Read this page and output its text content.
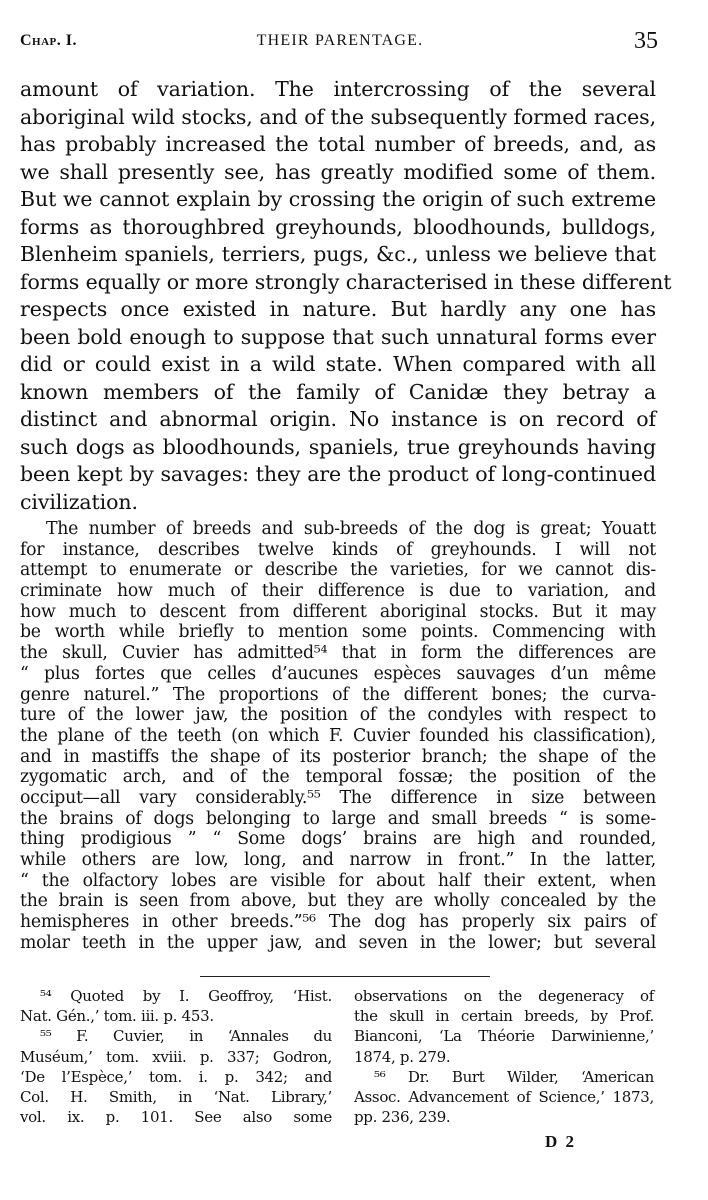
Chap. I.	THEIR PARENTAGE.	35
amount of variation. The intercrossing of the several
aboriginal wild stocks, and of the subsequently formed races,
has probably increased the total number of breeds, and, as
we shall presently see, has greatly modified some of them.
But we cannot explain by crossing the origin of such extreme
forms as thoroughbred greyhounds, bloodhounds, bulldogs,
Blenheim spaniels, terriers, pugs, &c., unless we believe that
forms equally or more strongly characterised in these different
respects once existed in nature. But hardly any one has
been bold enough to suppose that such unnatural forms ever
did or could exist in a wild state. When compared with all
known members of the family of Canidæ they betray a
distinct and abnormal origin. No instance is on record of
such dogs as bloodhounds, spaniels, true greyhounds having
been kept by savages: they are the product of long-continued
civilization.
The number of breeds and sub-breeds of the dog is great; Youatt
for instance, describes twelve kinds of greyhounds. I will not
attempt to enumerate or describe the varieties, for we cannot dis-
criminate how much of their difference is due to variation, and
how much to descent from different aboriginal stocks. But it may
be worth while briefly to mention some points. Commencing with
the skull, Cuvier has admitted⁵⁴ that in form the differences are
“ plus fortes que celles d’aucunes espèces sauvages d’un même
genre naturel.” The proportions of the different bones; the curva-
ture of the lower jaw, the position of the condyles with respect to
the plane of the teeth (on which F. Cuvier founded his classification),
and in mastiffs the shape of its posterior branch; the shape of the
zygomatic arch, and of the temporal fossæ; the position of the
occiput—all vary considerably.⁵⁵ The difference in size between
the brains of dogs belonging to large and small breeds “ is some-
thing prodigious ” “ Some dogs’ brains are high and rounded,
while others are low, long, and narrow in front.” In the latter,
“ the olfactory lobes are visible for about half their extent, when
the brain is seen from above, but they are wholly concealed by the
hemispheres in other breeds.”⁵⁶ The dog has properly six pairs of
molar teeth in the upper jaw, and seven in the lower; but several
⁵⁴ Quoted by I. Geoffroy, ‘Hist.
Nat. Gén.,’ tom. iii. p. 453.
⁵⁵ F. Cuvier, in ‘Annales du
Muséum,’ tom. xviii. p. 337; Godron,
‘De l’Espèce,’ tom. i. p. 342; and
Col. H. Smith, in ‘Nat. Library,’
vol. ix. p. 101. See also some
observations on the degeneracy of
the skull in certain breeds, by Prof.
Bianconi, ‘La Théorie Darwinienne,’
1874, p. 279.
⁵⁶ Dr. Burt Wilder, ‘American
Assoc. Advancement of Science,’ 1873,
pp. 236, 239.
D 2
